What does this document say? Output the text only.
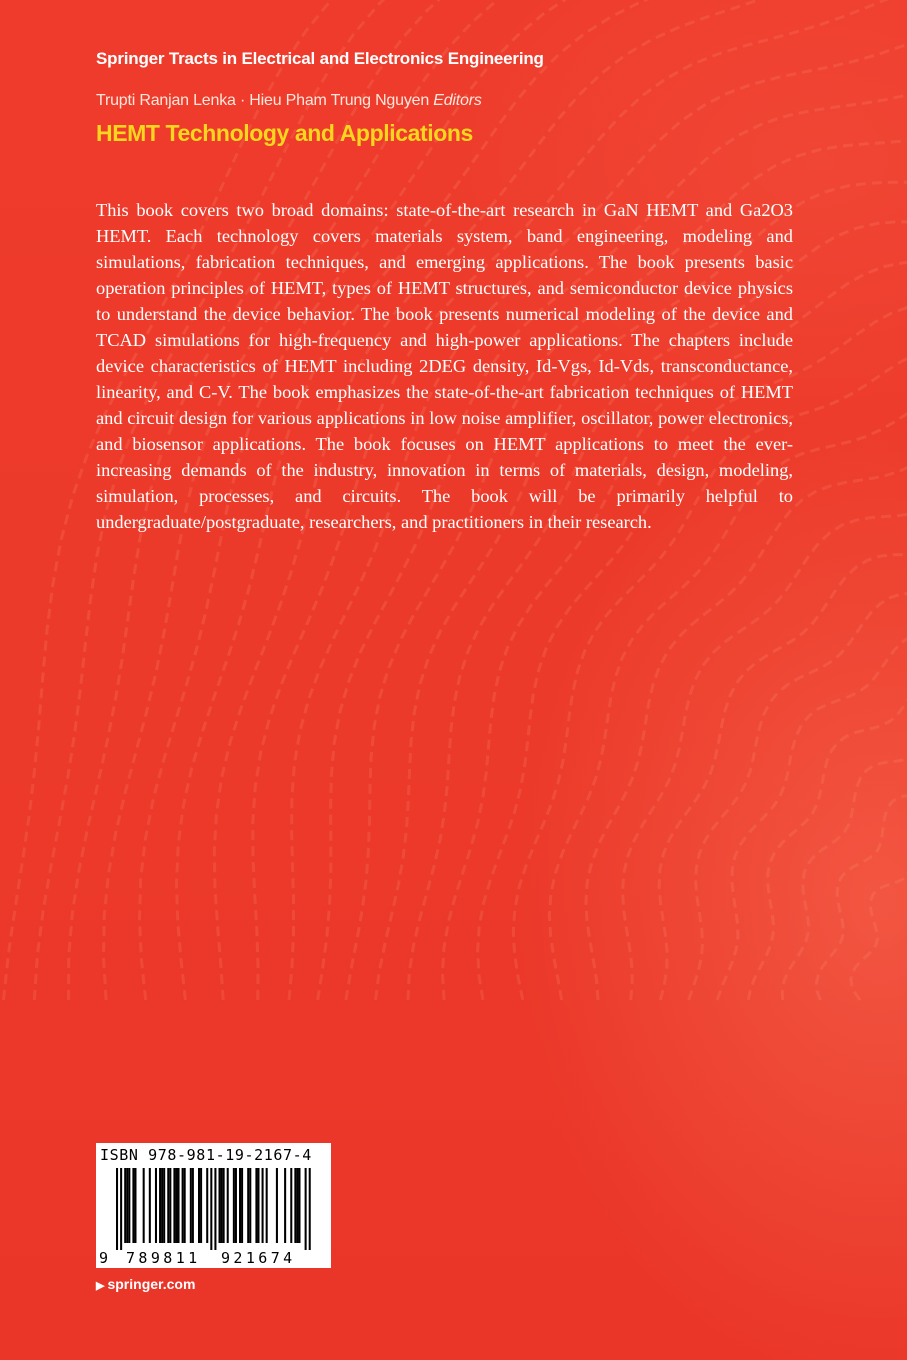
Springer Tracts in Electrical and Electronics Engineering
Trupti Ranjan Lenka · Hieu Pham Trung Nguyen Editors
HEMT Technology and Applications

This book covers two broad domains: state-of-the-art research in GaN HEMT and Ga2O3 HEMT. Each technology covers materials system, band engineering, modeling and simulations, fabrication techniques, and emerging applications. The book presents basic operation principles of HEMT, types of HEMT structures, and semiconductor device physics to understand the device behavior. The book presents numerical modeling of the device and TCAD simulations for high-frequency and high-power applications. The chapters include device characteristics of HEMT including 2DEG density, Id-Vgs, Id-Vds, transconductance, linearity, and C-V. The book emphasizes the state-of-the-art fabrication techniques of HEMT and circuit design for various applications in low noise amplifier, oscillator, power electronics, and biosensor applications. The book focuses on HEMT applications to meet the ever-increasing demands of the industry, innovation in terms of materials, design, modeling, simulation, processes, and circuits. The book will be primarily helpful to undergraduate/postgraduate, researchers, and practitioners in their research.

ISBN 978-981-19-2167-4
9 789811 921674
▶ springer.com
